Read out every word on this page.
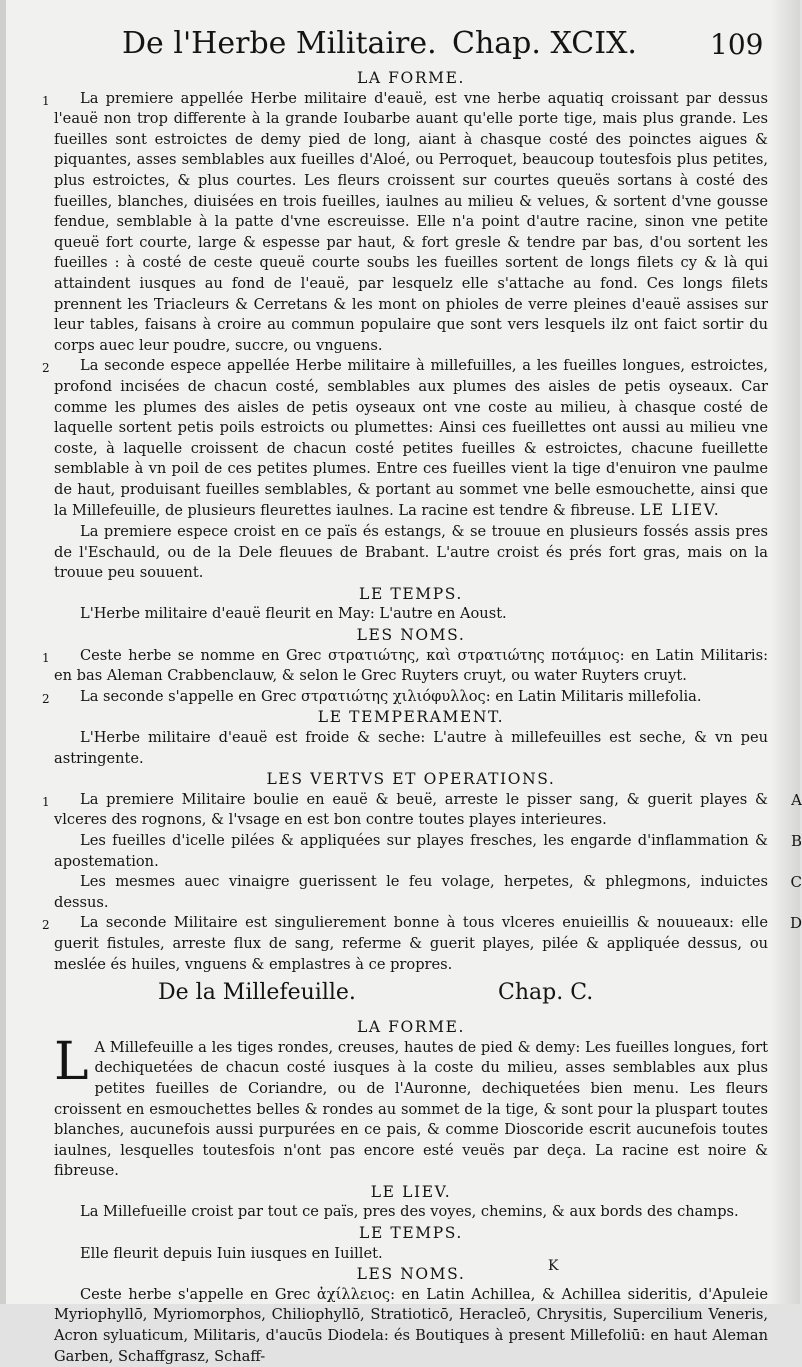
De l'Herbe Militaire. Chap. XCIX.	109
LA FORME.
1	La premiere appellée Herbe militaire d'eauë, est vne herbe aquatiq croissant par dessus l'eauë non trop differente à la grande Ioubarbe auant qu'elle porte tige, mais plus grande. Les fueilles sont estroictes de demy pied de long, aiant à chasque costé des poinctes aigues & piquantes, asses semblables aux fueilles d'Aloé, ou Perroquet, beaucoup toutesfois plus petites, plus estroictes, & plus courtes. Les fleurs croissent sur courtes queuës sortans à costé des fueilles, blanches, diuisées en trois fueilles, iaulnes au milieu & velues, & sortent d'vne gousse fendue, semblable à la patte d'vne escreuisse. Elle n'a point d'autre racine, sinon vne petite queuë fort courte, large & espesse par haut, & fort gresle & tendre par bas, d'ou sortent les fueilles : à costé de ceste queuë courte soubs les fueilles sortent de longs filets cy & là qui attaindent iusques au fond de l'eauë, par lesquelz elle s'attache au fond. Ces longs filets prennent les Triacleurs & Cerretans & les mont on phioles de verre pleines d'eauë assises sur leur tables, faisans à croire au commun populaire que sont vers lesquels ilz ont faict sortir du corps auec leur poudre, succre, ou vnguens.

2	La seconde espece appellée Herbe militaire à millefuilles, a les fueilles longues, estroictes, profond incisées de chacun costé, semblables aux plumes des aisles de petis oyseaux. Car comme les plumes des aisles de petis oyseaux ont vne coste au milieu, à chasque costé de laquelle sortent petis poils estroicts ou plumettes: Ainsi ces fueillettes ont aussi au milieu vne coste, à laquelle croissent de chacun costé petites fueilles & estroictes, chacune fueillette semblable à vn poil de ces petites plumes. Entre ces fueilles vient la tige d'enuiron vne paulme de haut, produisant fueilles semblables, & portant au sommet vne belle esmouchette, ainsi que la Millefeuille, de plusieurs fleurettes iaulnes. La racine est tendre & fibreuse. LE LIEV.

La premiere espece croist en ce païs és estangs, & se trouue en plusieurs fossés assis pres de l'Eschauld, ou de la Dele fleuues de Brabant. L'autre croist és prés fort gras, mais on la trouue peu souuent.

LE TEMPS.

L'Herbe militaire d'eauë fleurit en May: L'autre en Aoust.

LES NOMS.
1	Ceste herbe se nomme en Grec στρατιώτης, καὶ στρατιώτης ποτάμιος: en Latin Militaris: en bas Aleman Crabbenclauw, & selon le Grec Ruyters cruyt, ou water Ruyters cruyt.

2	La seconde s'appelle en Grec στρατιώτης χιλιόφυλλος: en Latin Militaris millefolia.

LE TEMPERAMENT.

L'Herbe militaire d'eauë est froide & seche: L'autre à millefeuilles est seche, & vn peu astringente.

LES VERTVS ET OPERATIONS.
1	A

La premiere Militaire boulie en eauë & beuë, arreste le pisser sang, & guerit playes & vlceres des rognons, & l'vsage en est bon contre toutes playes interieures.

B

Les fueilles d'icelle pilées & appliquées sur playes fresches, les engarde d'inflammation & apostemation.

C

Les mesmes auec vinaigre guerissent le feu volage, herpetes, & phlegmons, induictes dessus.

2	D

La seconde Militaire est singulierement bonne à tous vlceres enuieillis & nouueaux: elle guerit fistules, arreste flux de sang, referme & guerit playes, pilée & appliquée dessus, ou meslée és huiles, vnguens & emplastres à ce propres.

De la Millefeuille.	Chap. C.
LA FORME.
L A Millefeuille a les tiges rondes, creuses, hautes de pied & demy: Les fueilles longues, fort dechiquetées de chacun costé iusques à la coste du milieu, asses semblables aux plus petites fueilles de Coriandre, ou de l'Auronne, dechiquetées bien menu. Les fleurs croissent en esmouchettes belles & rondes au sommet de la tige, & sont pour la pluspart toutes blanches, aucunefois aussi purpurées en ce pais, & comme Dioscoride escrit aucunefois toutes iaulnes, lesquelles toutesfois n'ont pas encore esté veuës par deça. La racine est noire & fibreuse.
LE LIEV.

La Millefueille croist par tout ce païs, pres des voyes, chemins, & aux bords des champs.

LE TEMPS.

Elle fleurit depuis Iuin iusques en Iuillet.

LES NOMS.

Ceste herbe s'appelle en Grec ἀχίλλειος: en Latin Achillea, & Achillea sideritis, d'Apuleie Myriophyllō, Myriomorphos, Chiliophyllō, Stratioticō, Heracleō, Chrysitis, Supercilium Veneris, Acron syluaticum, Militaris, d'aucūs Diodela: és Boutiques à present Millefoliū: en haut Aleman Garben, Schaffgrasz, Schaff-

K
